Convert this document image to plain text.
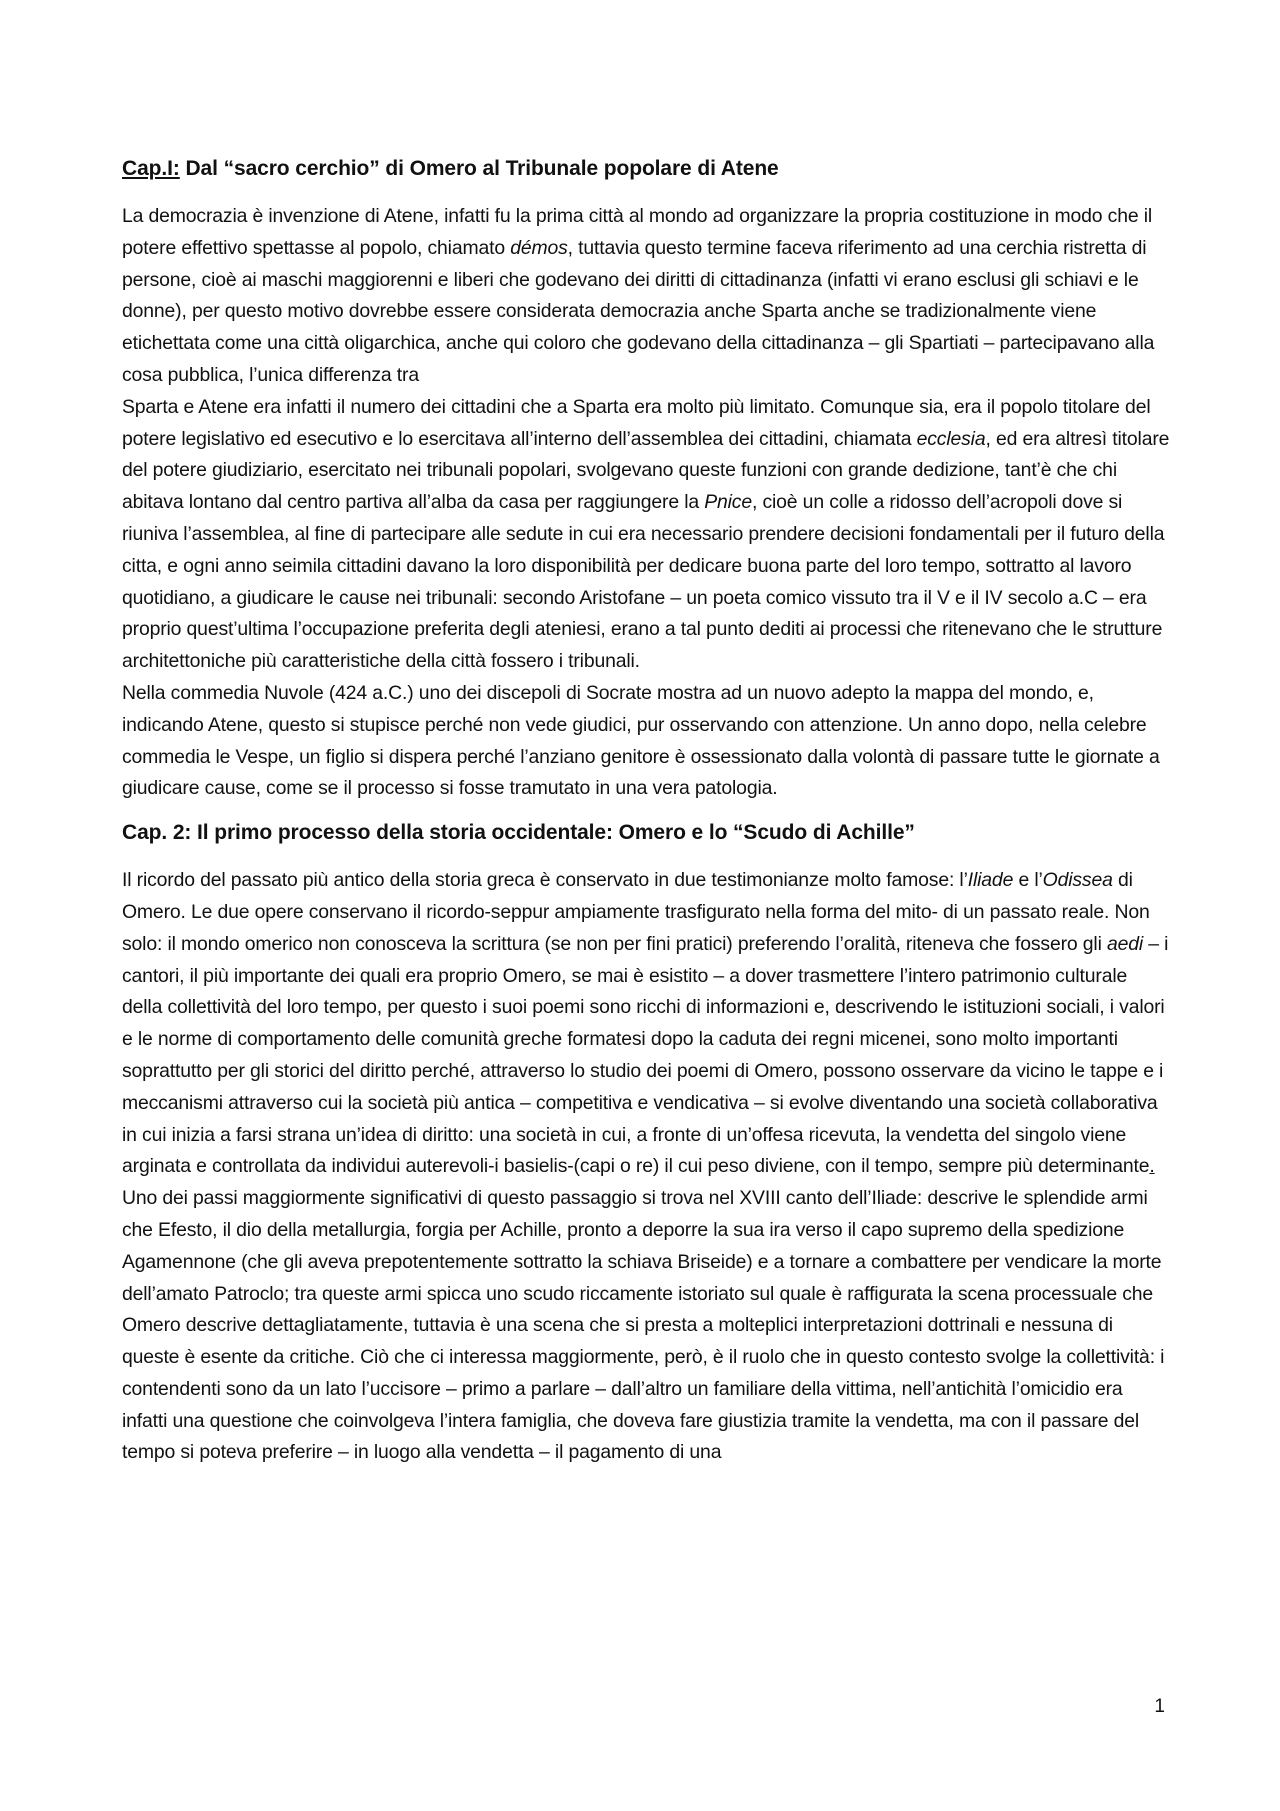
Cap.I: Dal “sacro cerchio” di Omero al Tribunale popolare di Atene

La democrazia è invenzione di Atene, infatti fu la prima città al mondo ad organizzare la propria costituzione in modo che il potere effettivo spettasse al popolo, chiamato démos, tuttavia questo termine faceva riferimento ad una cerchia ristretta di persone, cioè ai maschi maggiorenni e liberi che godevano dei diritti di cittadinanza (infatti vi erano esclusi gli schiavi e le donne), per questo motivo dovrebbe essere considerata democrazia anche Sparta anche se tradizionalmente viene etichettata come una città oligarchica, anche qui coloro che godevano della cittadinanza – gli Spartiati – partecipavano alla cosa pubblica, l’unica differenza tra

Sparta e Atene era infatti il numero dei cittadini che a Sparta era molto più limitato. Comunque sia, era il popolo titolare del potere legislativo ed esecutivo e lo esercitava all’interno dell’assemblea dei cittadini, chiamata ecclesia, ed era altresì titolare del potere giudiziario, esercitato nei tribunali popolari, svolgevano queste funzioni con grande dedizione, tant’è che chi abitava lontano dal centro partiva all’alba da casa per raggiungere la Pnice, cioè un colle a ridosso dell’acropoli dove si riuniva l’assemblea, al fine di partecipare alle sedute in cui era necessario prendere decisioni fondamentali per il futuro della citta, e ogni anno seimila cittadini davano la loro disponibilità per dedicare buona parte del loro tempo, sottratto al lavoro quotidiano, a giudicare le cause nei tribunali: secondo Aristofane – un poeta comico vissuto tra il V e il IV secolo a.C – era proprio quest’ultima l’occupazione preferita degli ateniesi, erano a tal punto dediti ai processi che ritenevano che le strutture architettoniche più caratteristiche della città fossero i tribunali.

Nella commedia Nuvole (424 a.C.) uno dei discepoli di Socrate mostra ad un nuovo adepto la mappa del mondo, e, indicando Atene, questo si stupisce perché non vede giudici, pur osservando con attenzione. Un anno dopo, nella celebre commedia le Vespe, un figlio si dispera perché l’anziano genitore è ossessionato dalla volontà di passare tutte le giornate a giudicare cause, come se il processo si fosse tramutato in una vera patologia.

Cap. 2: Il primo processo della storia occidentale: Omero e lo “Scudo di Achille”

Il ricordo del passato più antico della storia greca è conservato in due testimonianze molto famose: l’Iliade e l’Odissea di Omero. Le due opere conservano il ricordo-seppur ampiamente trasfigurato nella forma del mito- di un passato reale. Non solo: il mondo omerico non conosceva la scrittura (se non per fini pratici) preferendo l’oralità, riteneva che fossero gli aedi – i cantori, il più importante dei quali era proprio Omero, se mai è esistito – a dover trasmettere l’intero patrimonio culturale della collettività del loro tempo, per questo i suoi poemi sono ricchi di informazioni e, descrivendo le istituzioni sociali, i valori e le norme di comportamento delle comunità greche formatesi dopo la caduta dei regni micenei, sono molto importanti soprattutto per gli storici del diritto perché, attraverso lo studio dei poemi di Omero, possono osservare da vicino le tappe e i meccanismi attraverso cui la società più antica – competitiva e vendicativa – si evolve diventando una società collaborativa in cui inizia a farsi strana un’idea di diritto: una società in cui, a fronte di un’offesa ricevuta, la vendetta del singolo viene arginata e controllata da individui auterevoli-i basielis-(capi o re) il cui peso diviene, con il tempo, sempre più determinante.

Uno dei passi maggiormente significativi di questo passaggio si trova nel XVIII canto dell’Iliade: descrive le splendide armi che Efesto, il dio della metallurgia, forgia per Achille, pronto a deporre la sua ira verso il capo supremo della spedizione Agamennone (che gli aveva prepotentemente sottratto la schiava Briseide) e a tornare a combattere per vendicare la morte dell’amato Patroclo; tra queste armi spicca uno scudo riccamente istoriato sul quale è raffigurata la scena processuale che Omero descrive dettagliatamente, tuttavia è una scena che si presta a molteplici interpretazioni dottrinali e nessuna di queste è esente da critiche. Ciò che ci interessa maggiormente, però, è il ruolo che in questo contesto svolge la collettività: i contendenti sono da un lato l’uccisore – primo a parlare – dall’altro un familiare della vittima, nell’antichità l’omicidio era infatti una questione che coinvolgeva l’intera famiglia, che doveva fare giustizia tramite la vendetta, ma con il passare del tempo si poteva preferire – in luogo alla vendetta – il pagamento di una

1
